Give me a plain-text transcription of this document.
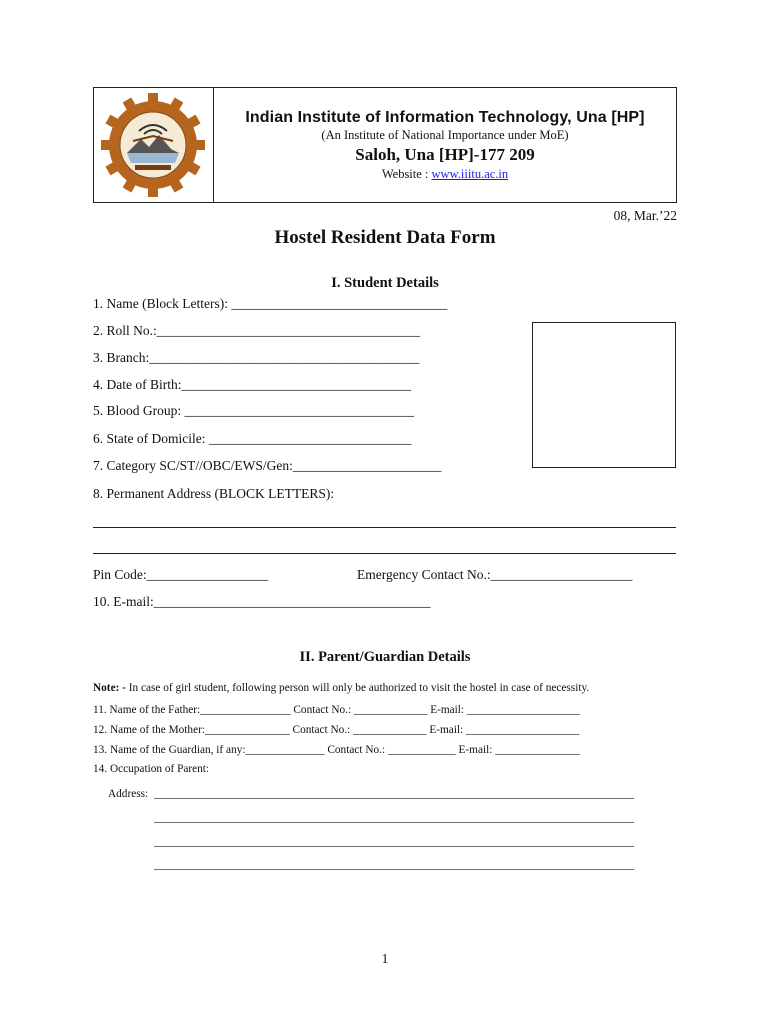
Indian Institute of Information Technology, Una [HP]
(An Institute of National Importance under MoE)
Saloh, Una [HP]-177 209
Website : www.iiitu.ac.in
08, Mar.’22
Hostel Resident Data Form
I. Student Details
1. Name (Block Letters): ________________________________
2. Roll No.:_______________________________________
3. Branch:________________________________________
4. Date of Birth:__________________________________
5. Blood Group: __________________________________
6. State of Domicile: ______________________________
7. Category SC/ST//OBC/EWS/Gen:______________________
8. Permanent Address (BLOCK LETTERS):
Pin Code:__________________	Emergency Contact No.:_____________________
10. E-mail:_________________________________________
II. Parent/Guardian Details
Note: - In case of girl student, following person will only be authorized to visit the hostel in case of necessity.
11. Name of the Father:________________ Contact No.: _____________ E-mail: ____________________
12. Name of the Mother:_______________ Contact No.: _____________ E-mail: ____________________
13. Name of the Guardian, if any:______________ Contact No.: ____________ E-mail: _______________
14. Occupation of Parent:
Address: _____________________________________________________________________________________
_____________________________________________________________________________________
_____________________________________________________________________________________
_____________________________________________________________________________________
1
